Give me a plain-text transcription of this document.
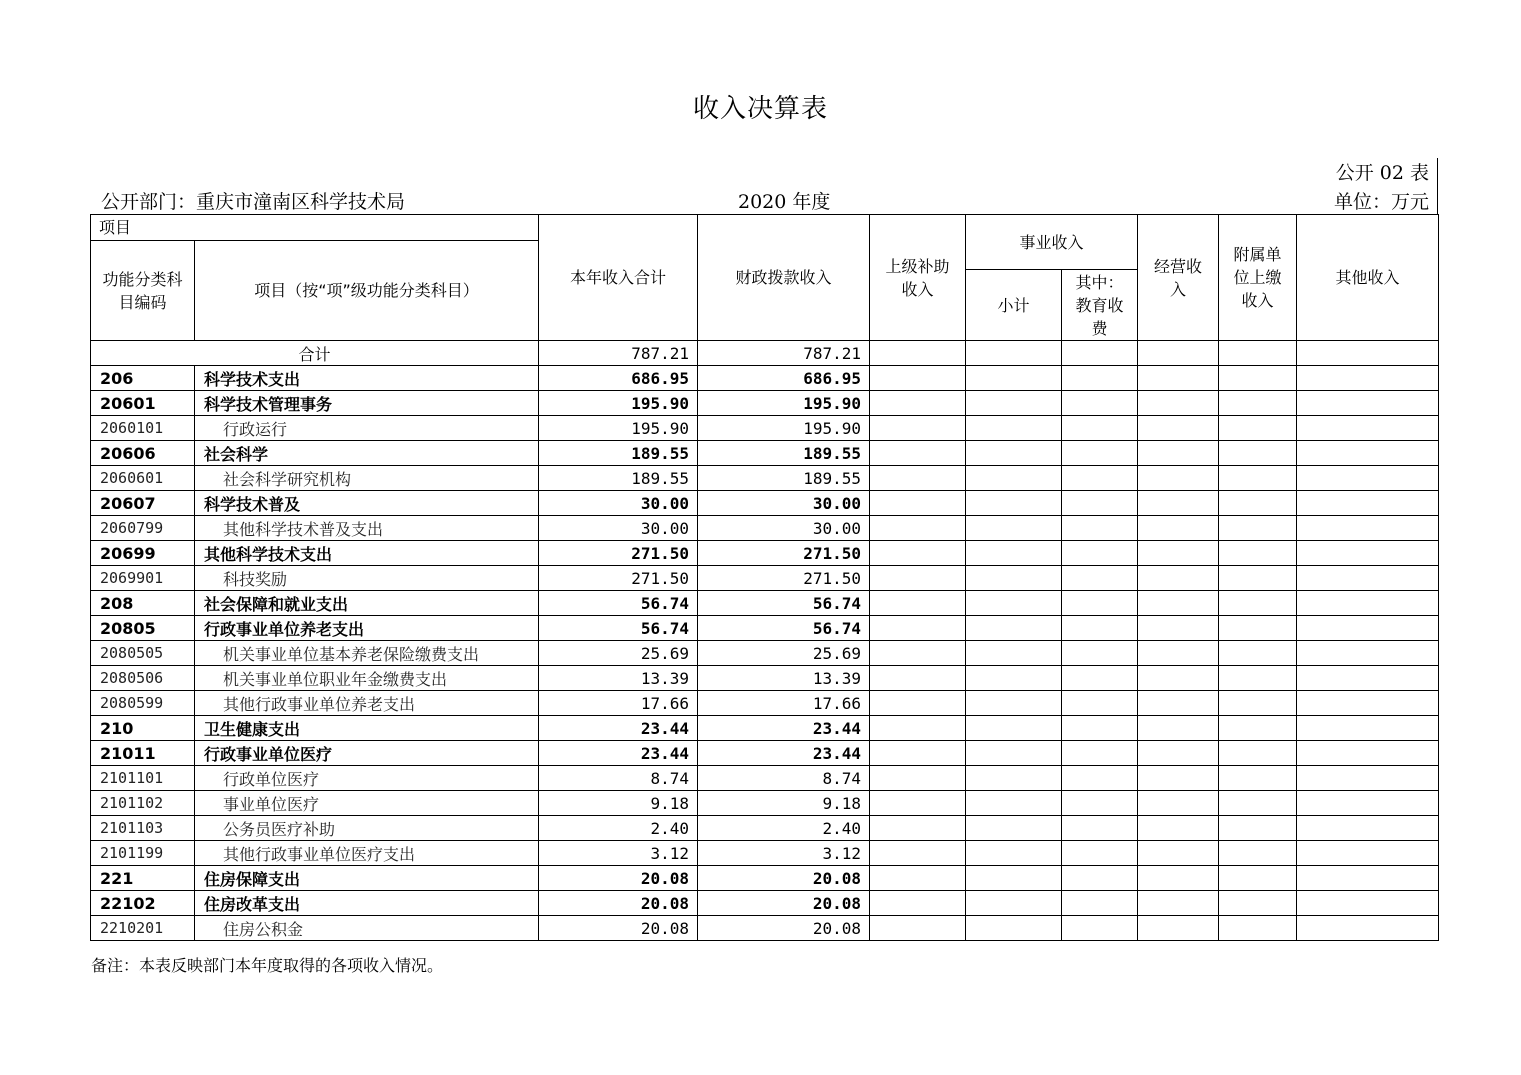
收入决算表
公开 02 表
公开部门：重庆市潼南区科学技术局	2020 年度	单位：万元
项目		本年收入合计	财政拨款收入	上级补助收入	事业收入		经营收入	附属单位上缴收入	其他收入
功能分类科目编码	项目（按“项”级功能分类科目）								
					小计	其中：教育收费			
合计		787.21	787.21						
206	科学技术支出	686.95	686.95						
20601	科学技术管理事务	195.90	195.90						
2060101	行政运行	195.90	195.90						
20606	社会科学	189.55	189.55						
2060601	社会科学研究机构	189.55	189.55						
20607	科学技术普及	30.00	30.00						
2060799	其他科学技术普及支出	30.00	30.00						
20699	其他科学技术支出	271.50	271.50						
2069901	科技奖励	271.50	271.50						
208	社会保障和就业支出	56.74	56.74						
20805	行政事业单位养老支出	56.74	56.74						
2080505	机关事业单位基本养老保险缴费支出	25.69	25.69						
2080506	机关事业单位职业年金缴费支出	13.39	13.39						
2080599	其他行政事业单位养老支出	17.66	17.66						
210	卫生健康支出	23.44	23.44						
21011	行政事业单位医疗	23.44	23.44						
2101101	行政单位医疗	8.74	8.74						
2101102	事业单位医疗	9.18	9.18						
2101103	公务员医疗补助	2.40	2.40						
2101199	其他行政事业单位医疗支出	3.12	3.12						
221	住房保障支出	20.08	20.08						
22102	住房改革支出	20.08	20.08						
2210201	住房公积金	20.08	20.08						
备注：本表反映部门本年度取得的各项收入情况。
